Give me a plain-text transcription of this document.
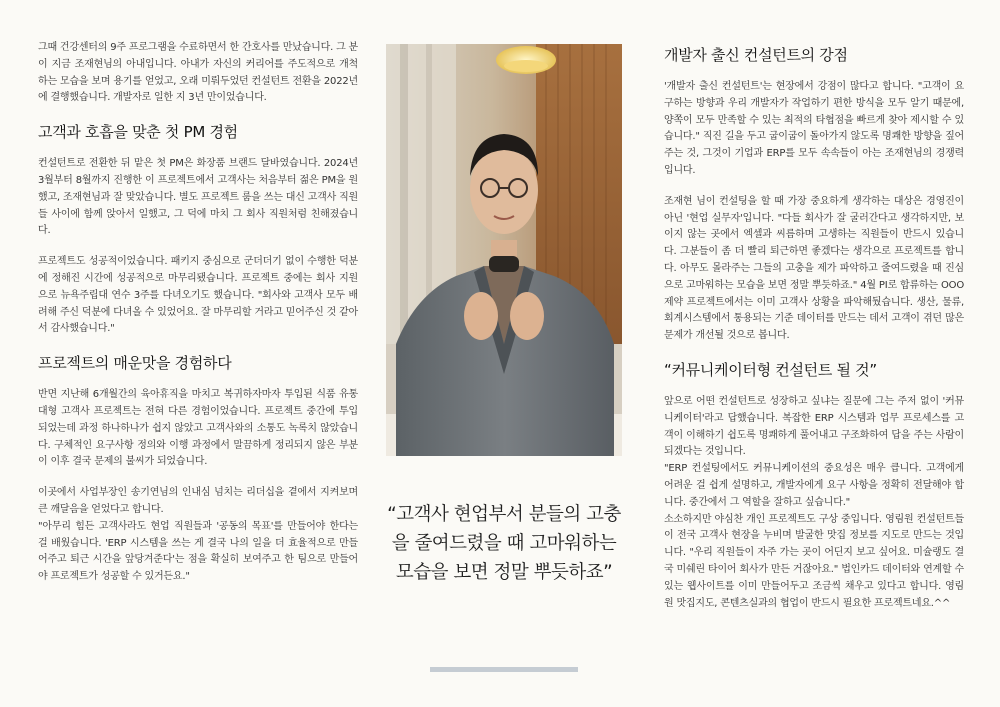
그때 건강센터의 9주 프로그램을 수료하면서 한 간호사를 만났습니다. 그 분이 지금 조재현님의 아내입니다. 아내가 자신의 커리어를 주도적으로 개척하는 모습을 보며 용기를 얻었고, 오래 미뤄두었던 컨설턴트 전환을 2022년에 결행했습니다. 개발자로 일한 지 3년 만이었습니다.

고객과 호흡을 맞춘 첫 PM 경험

컨설턴트로 전환한 뒤 맡은 첫 PM은 화장품 브랜드 달바였습니다. 2024년 3월부터 8월까지 진행한 이 프로젝트에서 고객사는 처음부터 젊은 PM을 원했고, 조재현님과 잘 맞았습니다. 별도 프로젝트 룸을 쓰는 대신 고객사 직원들 사이에 함께 앉아서 일했고, 그 덕에 마치 그 회사 직원처럼 친해졌습니다.

프로젝트도 성공적이었습니다. 패키지 중심으로 군더더기 없이 수행한 덕분에 정해진 시간에 성공적으로 마무리됐습니다. 프로젝트 중에는 회사 지원으로 뉴욕주립대 연수 3주를 다녀오기도 했습니다. "회사와 고객사 모두 배려해 주신 덕분에 다녀올 수 있었어요. 잘 마무리할 거라고 믿어주신 것 같아서 감사했습니다."

프로젝트의 매운맛을 경험하다

반면 지난해 6개월간의 육아휴직을 마치고 복귀하자마자 투입된 식품 유통 대형 고객사 프로젝트는 전혀 다른 경험이었습니다. 프로젝트 중간에 투입되었는데 과정 하나하나가 쉽지 않았고 고객사와의 소통도 녹록치 않았습니다. 구체적인 요구사항 정의와 이행 과정에서 말끔하게 정리되지 않은 부분이 이후 결국 문제의 불씨가 되었습니다.

이곳에서 사업부장인 송기연님의 인내심 넘치는 리더십을 곁에서 지켜보며 큰 깨달음을 얻었다고 합니다.

"아무리 힘든 고객사라도 현업 직원들과 '공동의 목표'를 만들어야 한다는 걸 배웠습니다. 'ERP 시스템을 쓰는 게 결국 나의 일을 더 효율적으로 만들어주고 퇴근 시간을 앞당겨준다'는 점을 확실히 보여주고 한 팀으로 만들어야 프로젝트가 성공할 수 있거든요."

“고객사 현업부서 분들의 고충을 줄여드렸을 때 고마워하는 모습을 보면 정말 뿌듯하죠”
개발자 출신 컨설턴트의 강점

'개발자 출신 컨설턴트'는 현장에서 강점이 많다고 합니다. "고객이 요구하는 방향과 우리 개발자가 작업하기 편한 방식을 모두 알기 때문에, 양쪽이 모두 만족할 수 있는 최적의 타협점을 빠르게 찾아 제시할 수 있습니다." 직진 길을 두고 굽이굽이 돌아가지 않도록 명쾌한 방향을 짚어주는 것, 그것이 기업과 ERP를 모두 속속들이 아는 조재현님의 경쟁력입니다.

조재현 님이 컨설팅을 할 때 가장 중요하게 생각하는 대상은 경영진이 아닌 '현업 실무자'입니다. "다들 회사가 잘 굴러간다고 생각하지만, 보이지 않는 곳에서 엑셀과 씨름하며 고생하는 직원들이 반드시 있습니다. 그분들이 좀 더 빨리 퇴근하면 좋겠다는 생각으로 프로젝트를 합니다. 아무도 몰라주는 그들의 고충을 제가 파악하고 줄여드렸을 때 진심으로 고마워하는 모습을 보면 정말 뿌듯하죠." 4월 PI로 합류하는 OOO제약 프로젝트에서는 이미 고객사 상황을 파악해뒀습니다. 생산, 물류, 회계시스템에서 통용되는 기준 데이터를 만드는 데서 고객이 겪던 많은 문제가 개선될 것으로 봅니다.

“커뮤니케이터형 컨설턴트 될 것”

앞으로 어떤 컨설턴트로 성장하고 싶냐는 질문에 그는 주저 없이 '커뮤니케이터'라고 답했습니다. 복잡한 ERP 시스템과 업무 프로세스를 고객이 이해하기 쉽도록 명쾌하게 풀어내고 구조화하여 답을 주는 사람이 되겠다는 것입니다.

"ERP 컨설팅에서도 커뮤니케이션의 중요성은 매우 큽니다. 고객에게 어려운 걸 쉽게 설명하고, 개발자에게 요구 사항을 정확히 전달해야 합니다. 중간에서 그 역할을 잘하고 싶습니다."

소소하지만 야심찬 개인 프로젝트도 구상 중입니다. 영림원 컨설턴트들이 전국 고객사 현장을 누비며 발굴한 맛집 정보를 지도로 만드는 것입니다. "우리 직원들이 자주 가는 곳이 어딘지 보고 싶어요. 미슐랭도 결국 미쉐린 타이어 회사가 만든 거잖아요." 법인카드 데이터와 연계할 수 있는 웹사이트를 이미 만들어두고 조금씩 채우고 있다고 합니다. 영림원 맛집지도, 콘텐츠실과의 협업이 반드시 필요한 프로젝트네요.^^
